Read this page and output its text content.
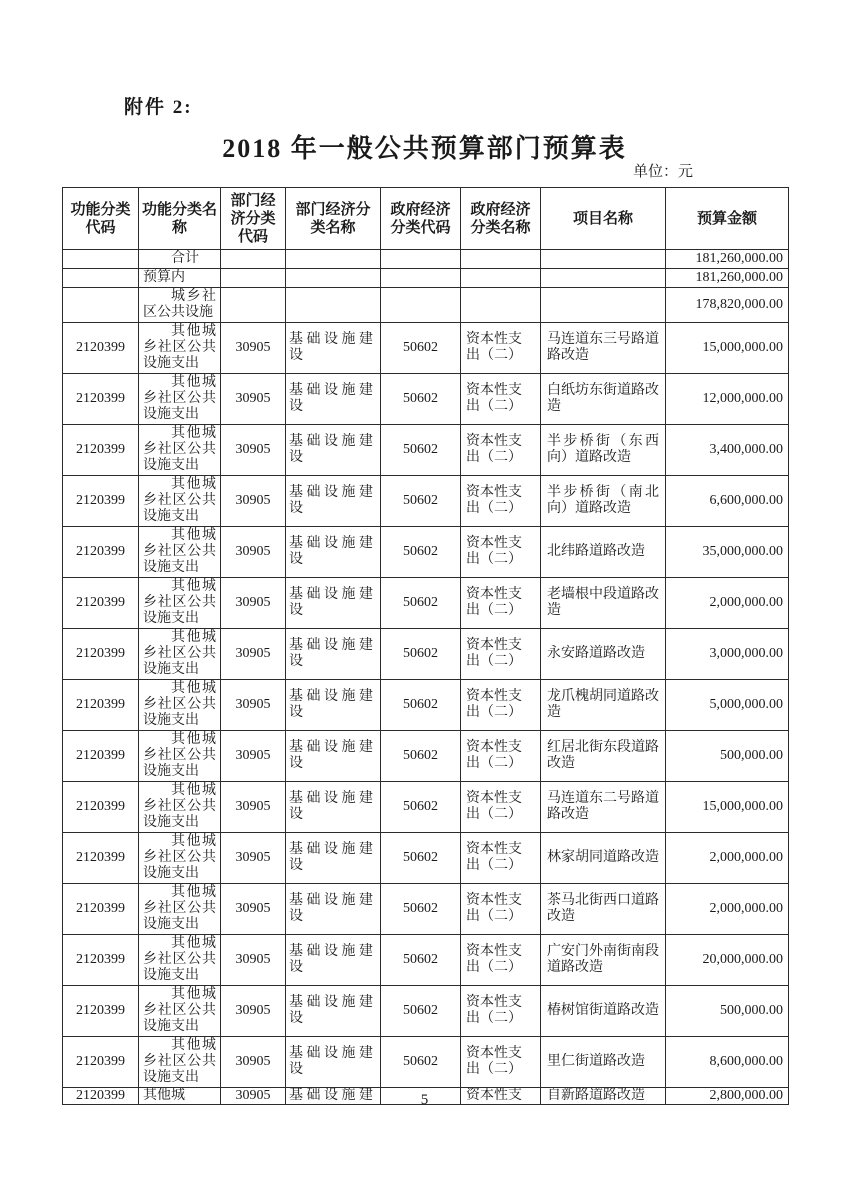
附件 2:
2018 年一般公共预算部门预算表
单位：元
功能分类代码	功能分类名称	部门经济分类代码	部门经济分类名称	政府经济分类代码	政府经济分类名称	项目名称	预算金额
	合计						181,260,000.00
	预算内						181,260,000.00
	城乡社区公共设施						178,820,000.00
2120399	其他城乡社区公共设施支出	30905	基础设施建设	50602	资本性支出（二）	马连道东三号路道路改造	15,000,000.00
2120399	其他城乡社区公共设施支出	30905	基础设施建设	50602	资本性支出（二）	白纸坊东街道路改造	12,000,000.00
2120399	其他城乡社区公共设施支出	30905	基础设施建设	50602	资本性支出（二）	半步桥街（东西向）道路改造	3,400,000.00
2120399	其他城乡社区公共设施支出	30905	基础设施建设	50602	资本性支出（二）	半步桥街（南北向）道路改造	6,600,000.00
2120399	其他城乡社区公共设施支出	30905	基础设施建设	50602	资本性支出（二）	北纬路道路改造	35,000,000.00
2120399	其他城乡社区公共设施支出	30905	基础设施建设	50602	资本性支出（二）	老墙根中段道路改造	2,000,000.00
2120399	其他城乡社区公共设施支出	30905	基础设施建设	50602	资本性支出（二）	永安路道路改造	3,000,000.00
2120399	其他城乡社区公共设施支出	30905	基础设施建设	50602	资本性支出（二）	龙爪槐胡同道路改造	5,000,000.00
2120399	其他城乡社区公共设施支出	30905	基础设施建设	50602	资本性支出（二）	红居北街东段道路改造	500,000.00
2120399	其他城乡社区公共设施支出	30905	基础设施建设	50602	资本性支出（二）	马连道东二号路道路改造	15,000,000.00
2120399	其他城乡社区公共设施支出	30905	基础设施建设	50602	资本性支出（二）	林家胡同道路改造	2,000,000.00
2120399	其他城乡社区公共设施支出	30905	基础设施建设	50602	资本性支出（二）	茶马北街西口道路改造	2,000,000.00
2120399	其他城乡社区公共设施支出	30905	基础设施建设	50602	资本性支出（二）	广安门外南街南段道路改造	20,000,000.00
2120399	其他城乡社区公共设施支出	30905	基础设施建设	50602	资本性支出（二）	椿树馆街道路改造	500,000.00
2120399	其他城乡社区公共设施支出	30905	基础设施建设	50602	资本性支出（二）	里仁街道路改造	8,600,000.00
2120399	其他城	30905	基础设施建		资本性支	自新路道路改造	2,800,000.00
5
